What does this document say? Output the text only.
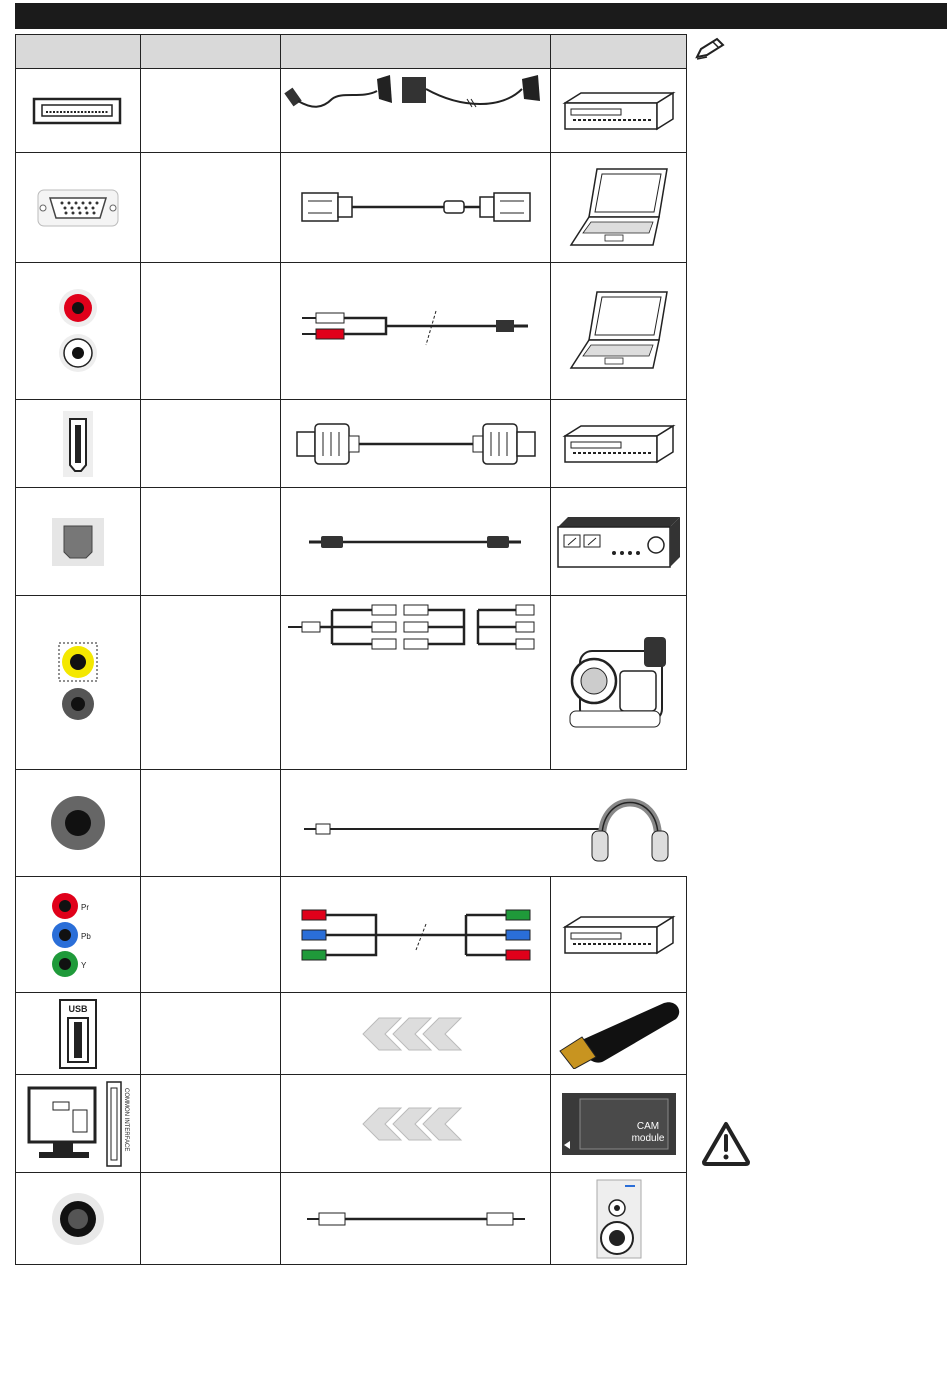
Pr
Pb
Y

USB

COMMON INTERFACE			CAM
module
